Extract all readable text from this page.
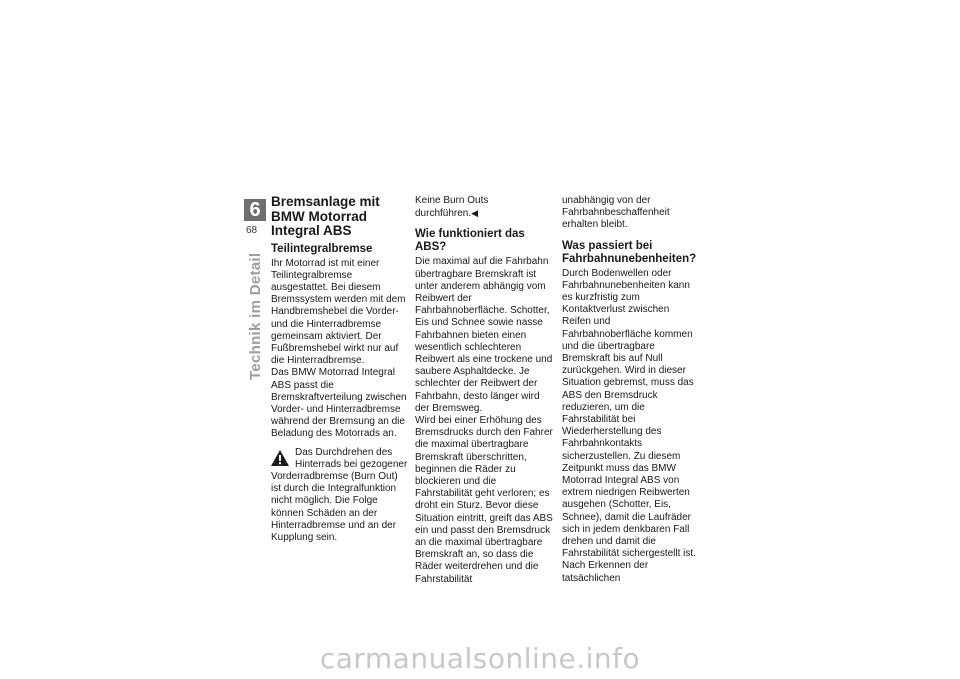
6
68
Technik im Detail
Bremsanlage mit BMW Motorrad Integral ABS
Teilintegralbremse

Ihr Motorrad ist mit einer Teilintegralbremse ausgestattet. Bei diesem Bremssystem werden mit dem Handbremshebel die Vorder- und die Hinterradbremse gemeinsam aktiviert. Der Fußbremshebel wirkt nur auf die Hinterradbremse.

Das BMW Motorrad Integral ABS passt die Bremskraftverteilung zwischen Vorder- und Hinterradbremse während der Bremsung an die Beladung des Motorrads an.

Das Durchdrehen des Hinterrads bei gezogener
Vorderradbremse (Burn Out) ist durch die Integralfunktion nicht möglich. Die Folge können Schäden an der Hinterradbremse und an der Kupplung sein.

Keine Burn Outs durchführen.◀

Wie funktioniert das ABS?

Die maximal auf die Fahrbahn übertragbare Bremskraft ist unter anderem abhängig vom Reibwert der Fahrbahnoberfläche. Schotter, Eis und Schnee sowie nasse Fahrbahnen bieten einen wesentlich schlechteren Reibwert als eine trockene und saubere Asphaltdecke. Je schlechter der Reibwert der Fahrbahn, desto länger wird der Bremsweg.

Wird bei einer Erhöhung des Bremsdrucks durch den Fahrer die maximal übertragbare Bremskraft überschritten, beginnen die Räder zu blockieren und die Fahrstabilität geht verloren; es droht ein Sturz. Bevor diese Situation eintritt, greift das ABS ein und passt den Bremsdruck an die maximal übertragbare Bremskraft an, so dass die Räder weiterdrehen und die Fahrstabilität

unabhängig von der Fahrbahnbeschaffenheit erhalten bleibt.

Was passiert bei Fahrbahnunebenheiten?

Durch Bodenwellen oder Fahrbahnunebenheiten kann es kurzfristig zum Kontaktverlust zwischen Reifen und Fahrbahnoberfläche kommen und die übertragbare Bremskraft bis auf Null zurückgehen. Wird in dieser Situation gebremst, muss das ABS den Bremsdruck reduzieren, um die Fahrstabilität bei Wiederherstellung des Fahrbahnkontakts sicherzustellen. Zu diesem Zeitpunkt muss das BMW Motorrad Integral ABS von extrem niedrigen Reibwerten ausgehen (Schotter, Eis, Schnee), damit die Laufräder sich in jedem denkbaren Fall drehen und damit die Fahrstabilität sichergestellt ist. Nach Erkennen der tatsächlichen

carmanualsonline.info
